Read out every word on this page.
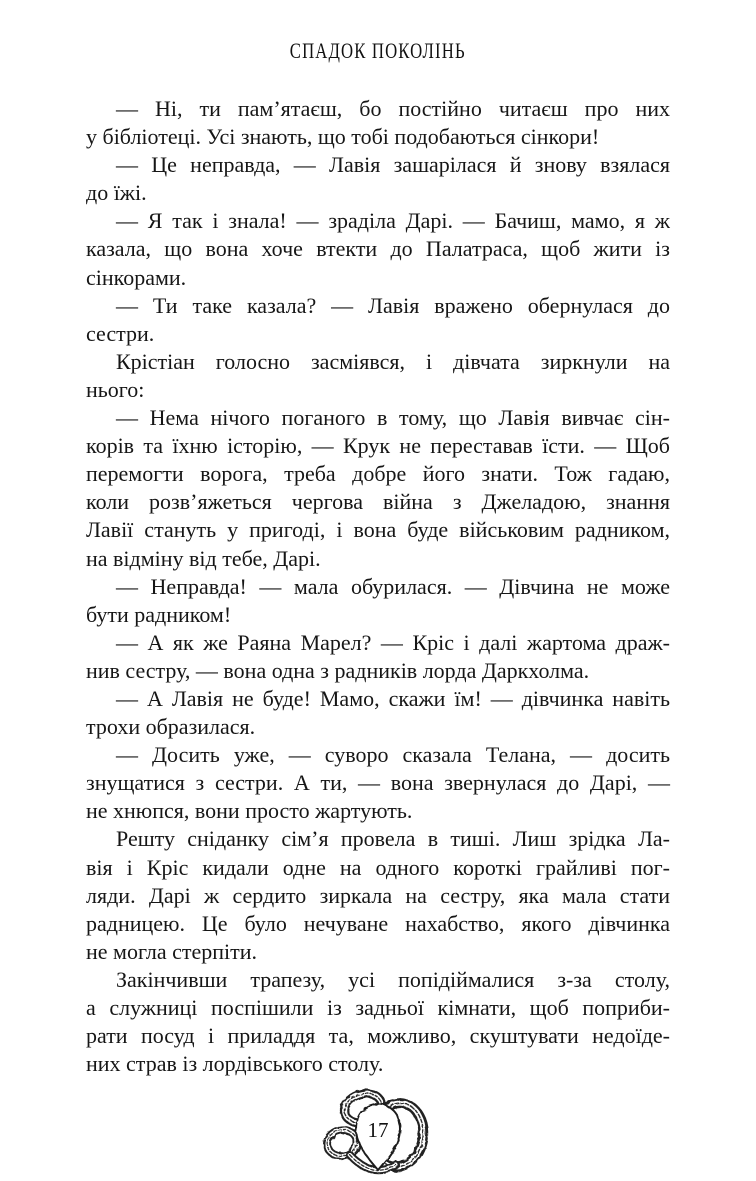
СПАДОК ПОКОЛІНЬ

— Ні, ти пам’ятаєш, бо постійно читаєш про них
у бібліотеці. Усі знають, що тобі подобаються сінкори!

— Це неправда, — Лавія зашарілася й знову взялася
до їжі.

— Я так і знала! — зраділа Дарі. — Бачиш, мамо, я ж
казала, що вона хоче втекти до Палатраса, щоб жити із
сінкорами.

— Ти таке казала? — Лавія вражено обернулася до
сестри.

Крістіан голосно засміявся, і дівчата зиркнули на
нього:

— Нема нічого поганого в тому, що Лавія вивчає сін-
корів та їхню історію, — Крук не переставав їсти. — Щоб
перемогти ворога, треба добре його знати. Тож гадаю,
коли розв’яжеться чергова війна з Джеладою, знання
Лавії стануть у пригоді, і вона буде військовим радником,
на відміну від тебе, Дарі.

— Неправда! — мала обурилася. — Дівчина не може
бути радником!

— А як же Раяна Марел? — Кріс і далі жартома драж-
нив сестру, — вона одна з радників лорда Даркхолма.

— А Лавія не буде! Мамо, скажи їм! — дівчинка навіть
трохи образилася.

— Досить уже, — суворо сказала Телана, — досить
знущатися з сестри. А ти, — вона звернулася до Дарі, —
не хнюпся, вони просто жартують.

Решту сніданку сім’я провела в тиші. Лиш зрідка Ла-
вія і Кріс кидали одне на одного короткі грайливі пог-
ляди. Дарі ж сердито зиркала на сестру, яка мала стати
радницею. Це було нечуване нахабство, якого дівчинка
не могла стерпіти.

Закінчивши трапезу, усі попідіймалися з-за столу,
а служниці поспішили із задньої кімнати, щоб поприби-
рати посуд і приладдя та, можливо, скуштувати недоїде-
них страв із лордівського столу.

17
